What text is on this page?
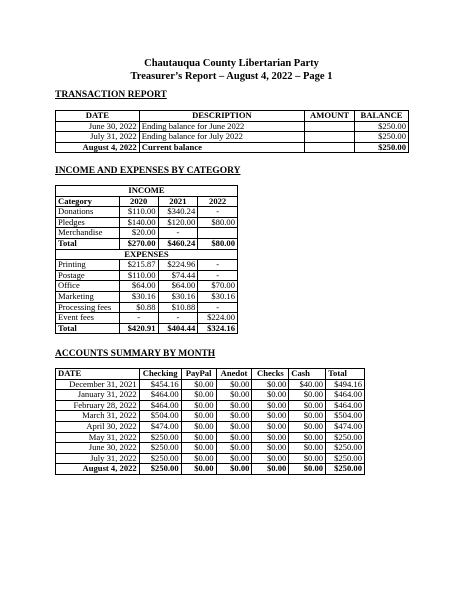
Chautauqua County Libertarian Party
Treasurer’s Report – August 4, 2022 – Page 1
TRANSACTION REPORT
DATE	DESCRIPTION	AMOUNT	BALANCE
June 30, 2022	Ending balance for June 2022		$250.00
July 31, 2022	Ending balance for July 2022		$250.00
August 4, 2022	Current balance		$250.00
INCOME AND EXPENSES BY CATEGORY
INCOME			
Category	2020	2021	2022
Donations	$110.00	$340.24	-
Pledges	$140.00	$120.00	$80.00
Merchandise	$20.00	-	
Total	$270.00	$460.24	$80.00
EXPENSES			
Printing	$215.87	$224.96	-
Postage	$110.00	$74.44	-
Office	$64.00	$64.00	$70.00
Marketing	$30.16	$30.16	$30.16
Processing fees	$0.88	$10.88	-
Event fees	-	-	$224.00
Total	$420.91	$404.44	$324.16
ACCOUNTS SUMMARY BY MONTH
DATE	Checking	PayPal	Anedot	Checks	Cash	Total
December 31, 2021	$454.16	$0.00	$0.00	$0.00	$40.00	$494.16
January 31, 2022	$464.00	$0.00	$0.00	$0.00	$0.00	$464.00
February 28, 2022	$464.00	$0.00	$0.00	$0.00	$0.00	$464.00
March 31, 2022	$504.00	$0.00	$0.00	$0.00	$0.00	$504.00
April 30, 2022	$474.00	$0.00	$0.00	$0.00	$0.00	$474.00
May 31, 2022	$250.00	$0.00	$0.00	$0.00	$0.00	$250.00
June 30, 2022	$250.00	$0.00	$0.00	$0.00	$0.00	$250.00
July 31, 2022	$250.00	$0.00	$0.00	$0.00	$0.00	$250.00
August 4, 2022	$250.00	$0.00	$0.00	$0.00	$0.00	$250.00
